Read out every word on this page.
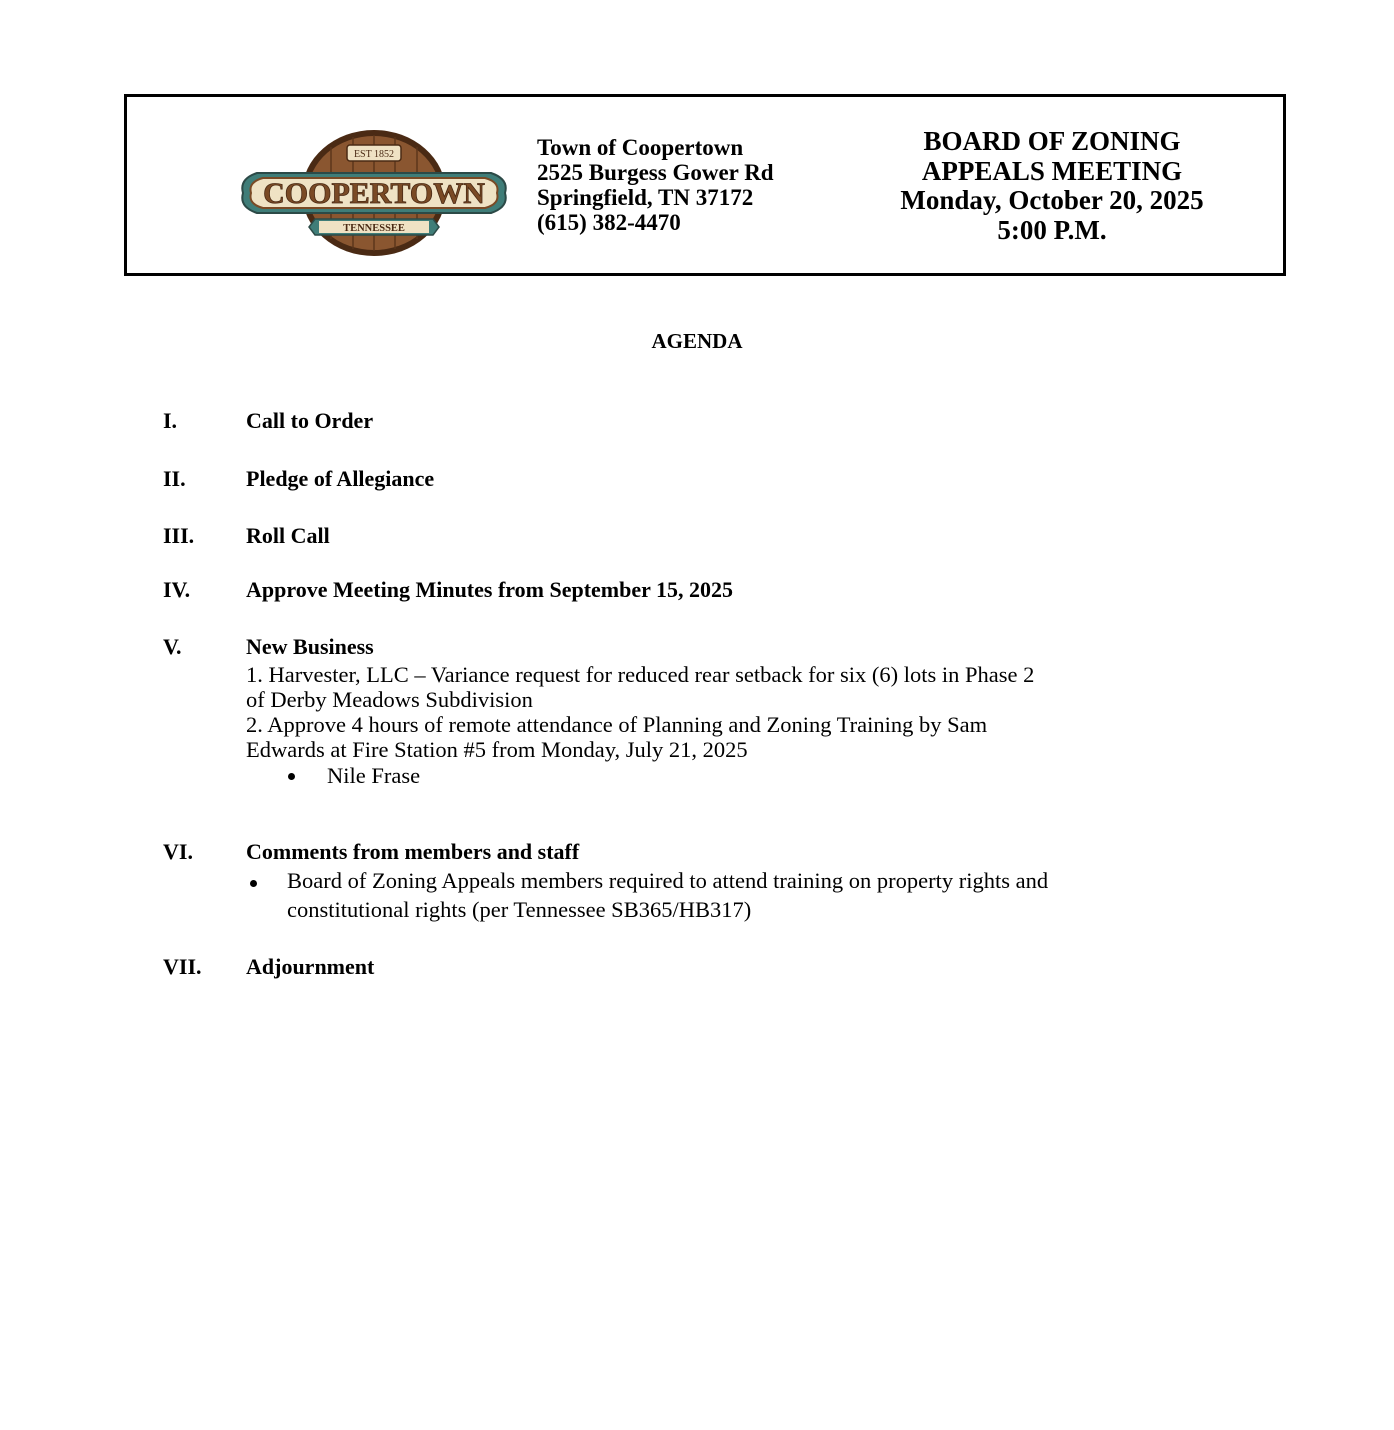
EST 1852
COOPERTOWN
TENNESSEE
Town of Coopertown
2525 Burgess Gower Rd
Springfield, TN 37172
(615) 382-4470
BOARD OF ZONING
APPEALS MEETING
Monday, October 20, 2025
5:00 P.M.
AGENDA
I.	Call to Order
II.	Pledge of Allegiance
III. Roll Call
IV.	Approve Meeting Minutes from September 15, 2025
V.	New Business
1. Harvester, LLC – Variance request for reduced rear setback for six (6) lots in Phase 2
of Derby Meadows Subdivision
2. Approve 4 hours of remote attendance of Planning and Zoning Training by Sam
Edwards at Fire Station #5 from Monday, July 21, 2025
Nile Frase
VI. Comments from members and staff
Board of Zoning Appeals members required to attend training on property rights and
constitutional rights (per Tennessee SB365/HB317)
VII. Adjournment
